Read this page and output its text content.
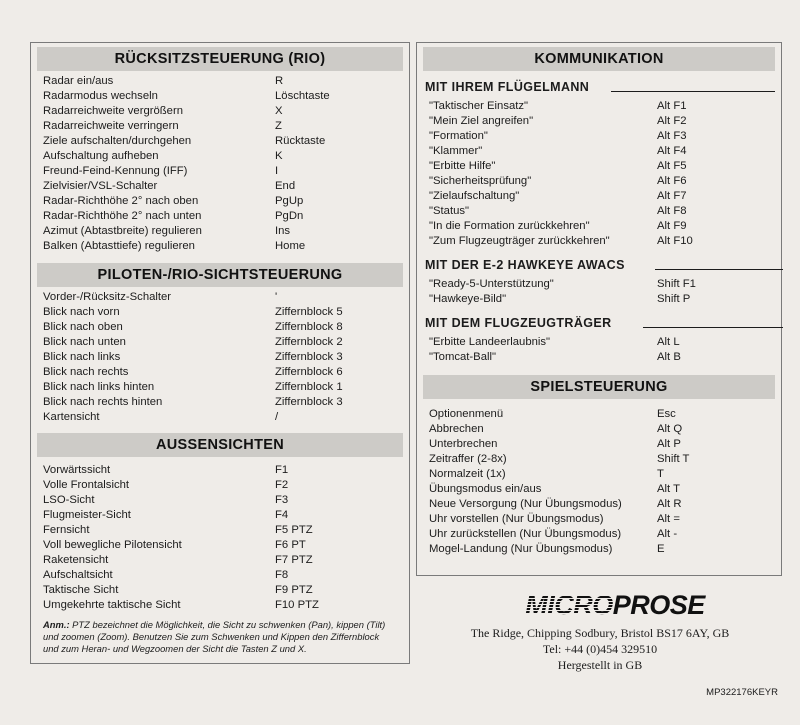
RÜCKSITZSTEUERUNG (RIO)
Radar ein/aus	R
Radarmodus wechseln	Löschtaste
Radarreichweite vergrößern	X
Radarreichweite verringern	Z
Ziele aufschalten/durchgehen	Rücktaste
Aufschaltung aufheben	K
Freund-Feind-Kennung (IFF)	I
Zielvisier/VSL-Schalter	End
Radar-Richthöhe 2° nach oben	PgUp
Radar-Richthöhe 2° nach unten	PgDn
Azimut (Abtastbreite) regulieren	Ins
Balken (Abtasttiefe) regulieren	Home
PILOTEN-/RIO-SICHTSTEUERUNG
Vorder-/Rücksitz-Schalter	'
Blick nach vorn	Ziffernblock 5
Blick nach oben	Ziffernblock 8
Blick nach unten	Ziffernblock 2
Blick nach links	Ziffernblock 3
Blick nach rechts	Ziffernblock 6
Blick nach links hinten	Ziffernblock 1
Blick nach rechts hinten	Ziffernblock 3
Kartensicht	/
AUSSENSICHTEN
Vorwärtssicht	F1
Volle Frontalsicht	F2
LSO-Sicht	F3
Flugmeister-Sicht	F4
Fernsicht	F5 PTZ
Voll bewegliche Pilotensicht	F6 PT
Raketensicht	F7 PTZ
Aufschaltsicht	F8
Taktische Sicht	F9 PTZ
Umgekehrte taktische Sicht	F10 PTZ
Anm.: PTZ bezeichnet die Möglichkeit, die Sicht zu schwenken (Pan), kippen (Tilt) und zoomen (Zoom). Benutzen Sie zum Schwenken und Kippen den Ziffernblock und zum Heran- und Wegzoomen der Sicht die Tasten Z und X.
KOMMUNIKATION
MIT IHREM FLÜGELMANN
"Taktischer Einsatz"	Alt F1
"Mein Ziel angreifen"	Alt F2
"Formation"	Alt F3
"Klammer"	Alt F4
"Erbitte Hilfe"	Alt F5
"Sicherheitsprüfung"	Alt F6
"Zielaufschaltung"	Alt F7
"Status"	Alt F8
"In die Formation zurückkehren"	Alt F9
"Zum Flugzeugträger zurückkehren"	Alt F10
MIT DER E-2 HAWKEYE AWACS
"Ready-5-Unterstützung"	Shift F1
"Hawkeye-Bild"	Shift P
MIT DEM FLUGZEUGTRÄGER
"Erbitte Landeerlaubnis"	Alt L
"Tomcat-Ball"	Alt B
SPIELSTEUERUNG
Optionenmenü	Esc
Abbrechen	Alt Q
Unterbrechen	Alt P
Zeitraffer (2-8x)	Shift T
Normalzeit (1x)	T
Übungsmodus ein/aus	Alt T
Neue Versorgung (Nur Übungsmodus)	Alt R
Uhr vorstellen (Nur Übungsmodus)	Alt =
Uhr zurückstellen (Nur Übungsmodus)	Alt -
Mogel-Landung (Nur Übungsmodus)	E
MICROPROSE
The Ridge, Chipping Sodbury, Bristol BS17 6AY, GB
Tel: +44 (0)454 329510
Hergestellt in GB
MP322176KEYR
